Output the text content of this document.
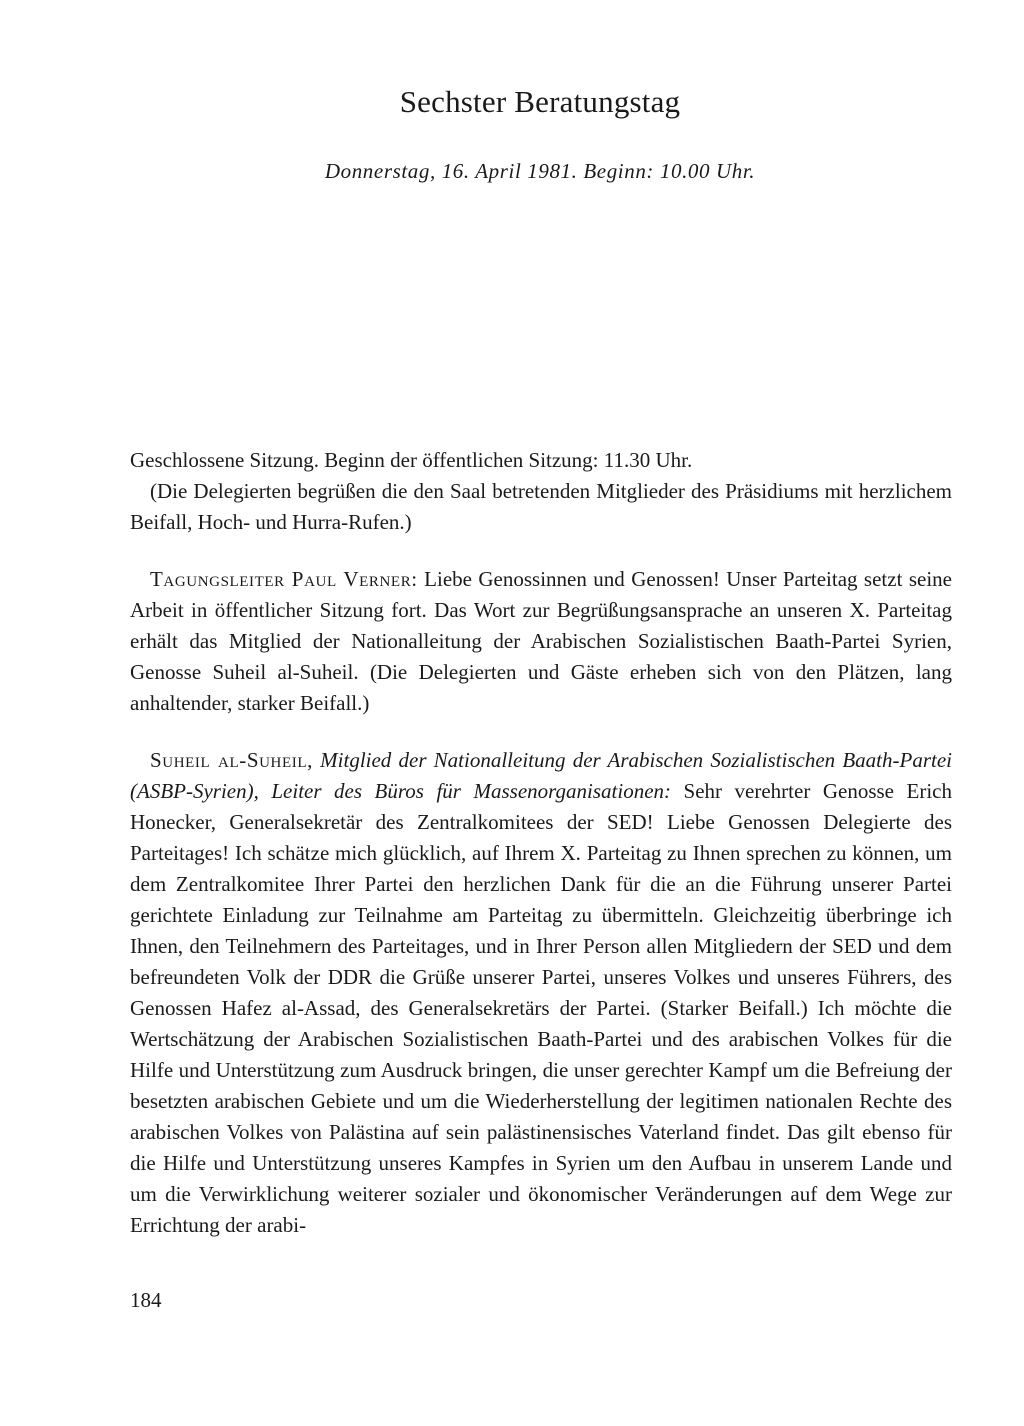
Sechster Beratungstag
Donnerstag, 16. April 1981. Beginn: 10.00 Uhr.

Geschlossene Sitzung. Beginn der öffentlichen Sitzung: 11.30 Uhr.

(Die Delegierten begrüßen die den Saal betretenden Mitglieder des Präsidiums mit herzlichem Beifall, Hoch- und Hurra-Rufen.)

Tagungsleiter Paul Verner: Liebe Genossinnen und Genossen! Unser Parteitag setzt seine Arbeit in öffentlicher Sitzung fort. Das Wort zur Begrüßungsansprache an unseren X. Parteitag erhält das Mitglied der Nationalleitung der Arabischen Sozialistischen Baath-Partei Syrien, Genosse Suheil al-Suheil. (Die Delegierten und Gäste erheben sich von den Plätzen, lang anhaltender, starker Beifall.)

Suheil al-Suheil, Mitglied der Nationalleitung der Arabischen Sozialistischen Baath-Partei (ASBP-Syrien), Leiter des Büros für Massenorganisationen: Sehr verehrter Genosse Erich Honecker, Generalsekretär des Zentralkomitees der SED! Liebe Genossen Delegierte des Parteitages! Ich schätze mich glücklich, auf Ihrem X. Parteitag zu Ihnen sprechen zu können, um dem Zentralkomitee Ihrer Partei den herzlichen Dank für die an die Führung unserer Partei gerichtete Einladung zur Teilnahme am Parteitag zu übermitteln. Gleichzeitig überbringe ich Ihnen, den Teilnehmern des Parteitages, und in Ihrer Person allen Mitgliedern der SED und dem befreundeten Volk der DDR die Grüße unserer Partei, unseres Volkes und unseres Führers, des Genossen Hafez al-Assad, des Generalsekretärs der Partei. (Starker Beifall.) Ich möchte die Wertschätzung der Arabischen Sozialistischen Baath-Partei und des arabischen Volkes für die Hilfe und Unterstützung zum Ausdruck bringen, die unser gerechter Kampf um die Befreiung der besetzten arabischen Gebiete und um die Wiederherstellung der legitimen nationalen Rechte des arabischen Volkes von Palästina auf sein palästinensisches Vaterland findet. Das gilt ebenso für die Hilfe und Unterstützung unseres Kampfes in Syrien um den Aufbau in unserem Lande und um die Verwirklichung weiterer sozialer und ökonomischer Veränderungen auf dem Wege zur Errichtung der arabi-

184
